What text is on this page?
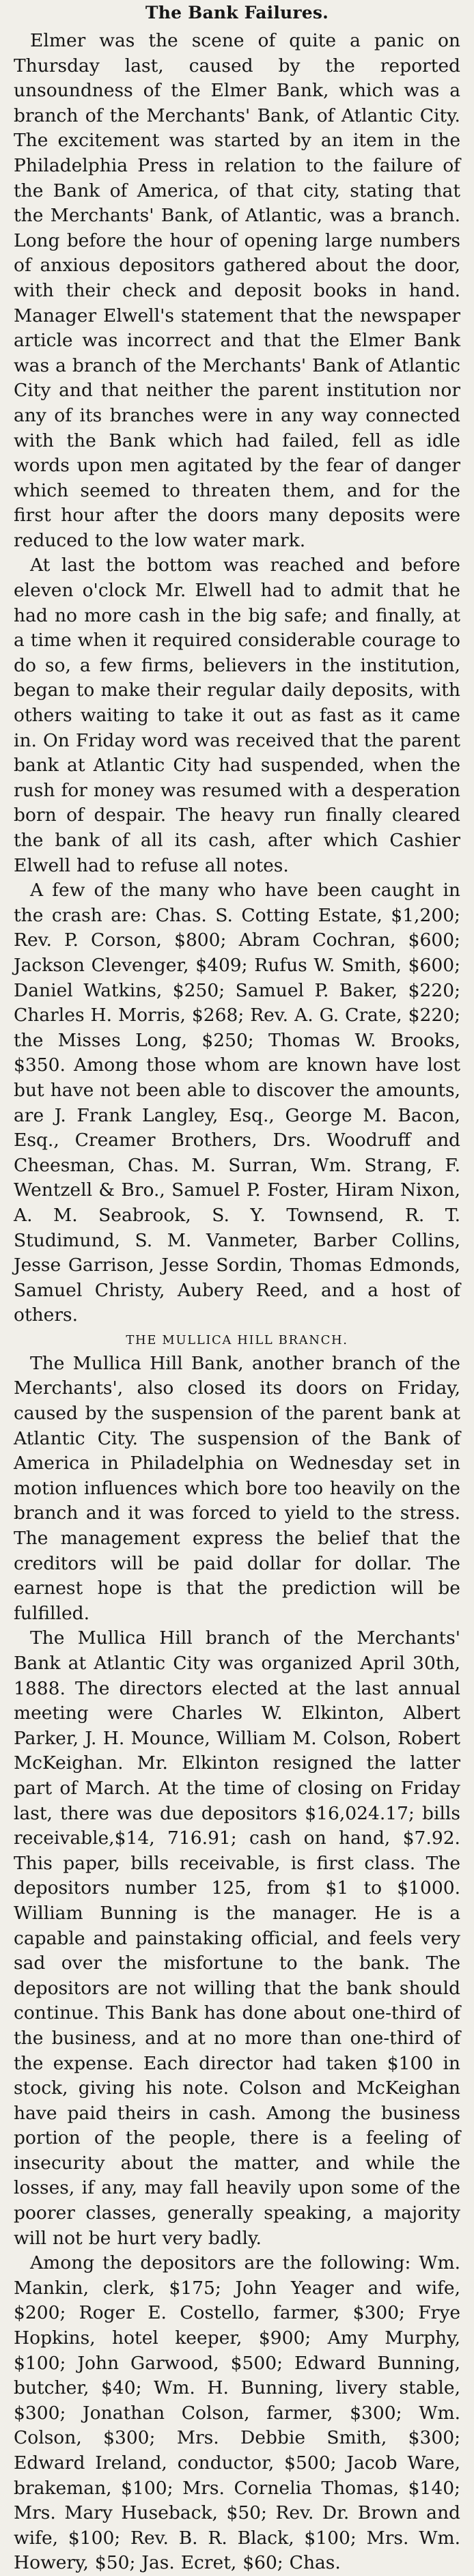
The Bank Failures.

Elmer was the scene of quite a panic on Thursday last, caused by the reported unsoundness of the Elmer Bank, which was a branch of the Merchants' Bank, of Atlantic City. The excitement was started by an item in the Philadelphia Press in relation to the failure of the Bank of America, of that city, stating that the Merchants' Bank, of Atlantic, was a branch. Long before the hour of opening large numbers of anxious depositors gathered about the door, with their check and deposit books in hand. Manager Elwell's statement that the newspaper article was incorrect and that the Elmer Bank was a branch of the Merchants' Bank of Atlantic City and that neither the parent institution nor any of its branches were in any way connected with the Bank which had failed, fell as idle words upon men agitated by the fear of danger which seemed to threaten them, and for the first hour after the doors many deposits were reduced to the low water mark.

At last the bottom was reached and before eleven o'clock Mr. Elwell had to admit that he had no more cash in the big safe; and finally, at a time when it required considerable courage to do so, a few firms, believers in the institution, began to make their regular daily deposits, with others waiting to take it out as fast as it came in. On Friday word was received that the parent bank at Atlantic City had suspended, when the rush for money was resumed with a desperation born of despair. The heavy run finally cleared the bank of all its cash, after which Cashier Elwell had to refuse all notes.

A few of the many who have been caught in the crash are: Chas. S. Cotting Estate, $1,200; Rev. P. Corson, $800; Abram Cochran, $600; Jackson Clevenger, $409; Rufus W. Smith, $600; Daniel Watkins, $250; Samuel P. Baker, $220; Charles H. Morris, $268; Rev. A. G. Crate, $220; the Misses Long, $250; Thomas W. Brooks, $350. Among those whom are known have lost but have not been able to discover the amounts, are J. Frank Langley, Esq., George M. Bacon, Esq., Creamer Brothers, Drs. Woodruff and Cheesman, Chas. M. Surran, Wm. Strang, F. Wentzell & Bro., Samuel P. Foster, Hiram Nixon, A. M. Seabrook, S. Y. Townsend, R. T. Studimund, S. M. Vanmeter, Barber Collins, Jesse Garrison, Jesse Sordin, Thomas Edmonds, Samuel Christy, Aubery Reed, and a host of others.

THE MULLICA HILL BRANCH.

The Mullica Hill Bank, another branch of the Merchants', also closed its doors on Friday, caused by the suspension of the parent bank at Atlantic City. The suspension of the Bank of America in Philadelphia on Wednesday set in motion influences which bore too heavily on the branch and it was forced to yield to the stress. The management express the belief that the creditors will be paid dollar for dollar. The earnest hope is that the prediction will be fulfilled.

The Mullica Hill branch of the Merchants' Bank at Atlantic City was organized April 30th, 1888. The directors elected at the last annual meeting were Charles W. Elkinton, Albert Parker, J. H. Mounce, William M. Colson, Robert McKeighan. Mr. Elkinton resigned the latter part of March. At the time of closing on Friday last, there was due depositors $16,024.17; bills receivable,$14, 716.91; cash on hand, $7.92. This paper, bills receivable, is first class. The depositors number 125, from $1 to $1000. William Bunning is the manager. He is a capable and painstaking official, and feels very sad over the misfortune to the bank. The depositors are not willing that the bank should continue. This Bank has done about one-third of the business, and at no more than one-third of the expense. Each director had taken $100 in stock, giving his note. Colson and McKeighan have paid theirs in cash. Among the business portion of the people, there is a feeling of insecurity about the matter, and while the losses, if any, may fall heavily upon some of the poorer classes, generally speaking, a majority will not be hurt very badly.

Among the depositors are the following: Wm. Mankin, clerk, $175; John Yeager and wife, $200; Roger E. Costello, farmer, $300; Frye Hopkins, hotel keeper, $900; Amy Murphy, $100; John Garwood, $500; Edward Bunning, butcher, $40; Wm. H. Bunning, livery stable, $300; Jonathan Colson, farmer, $300; Wm. Colson, $300; Mrs. Debbie Smith, $300; Edward Ireland, conductor, $500; Jacob Ware, brakeman, $100; Mrs. Cornelia Thomas, $140; Mrs. Mary Huseback, $50; Rev. Dr. Brown and wife, $100; Rev. B. R. Black, $100; Mrs. Wm. Howery, $50; Jas. Ecret, $60; Chas.
